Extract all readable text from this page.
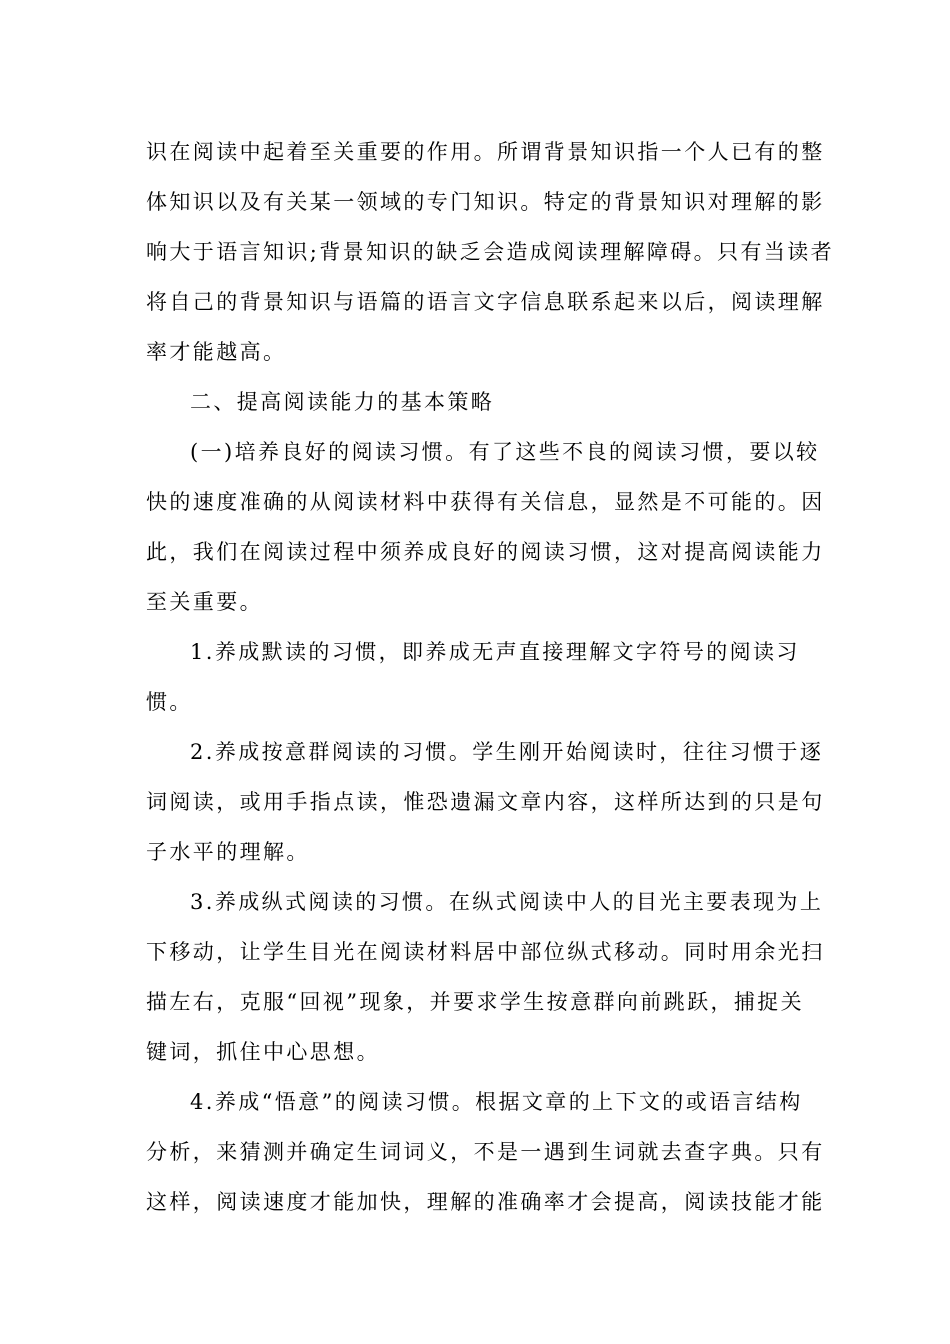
识在阅读中起着至关重要的作用。所谓背景知识指一个人已有的整
体知识以及有关某一领域的专门知识。特定的背景知识对理解的影
响大于语言知识;背景知识的缺乏会造成阅读理解障碍。只有当读者
将自己的背景知识与语篇的语言文字信息联系起来以后，阅读理解
率才能越高。
二、提高阅读能力的基本策略
(一)培养良好的阅读习惯。有了这些不良的阅读习惯，要以较
快的速度准确的从阅读材料中获得有关信息，显然是不可能的。因
此，我们在阅读过程中须养成良好的阅读习惯，这对提高阅读能力
至关重要。
1.养成默读的习惯，即养成无声直接理解文字符号的阅读习
惯。
2.养成按意群阅读的习惯。学生刚开始阅读时，往往习惯于逐
词阅读，或用手指点读，惟恐遗漏文章内容，这样所达到的只是句
子水平的理解。
3.养成纵式阅读的习惯。在纵式阅读中人的目光主要表现为上
下移动，让学生目光在阅读材料居中部位纵式移动。同时用余光扫
描左右，克服“回视”现象，并要求学生按意群向前跳跃，捕捉关
键词，抓住中心思想。
4.养成“悟意”的阅读习惯。根据文章的上下文的或语言结构
分析，来猜测并确定生词词义，不是一遇到生词就去查字典。只有
这样，阅读速度才能加快，理解的准确率才会提高，阅读技能才能
